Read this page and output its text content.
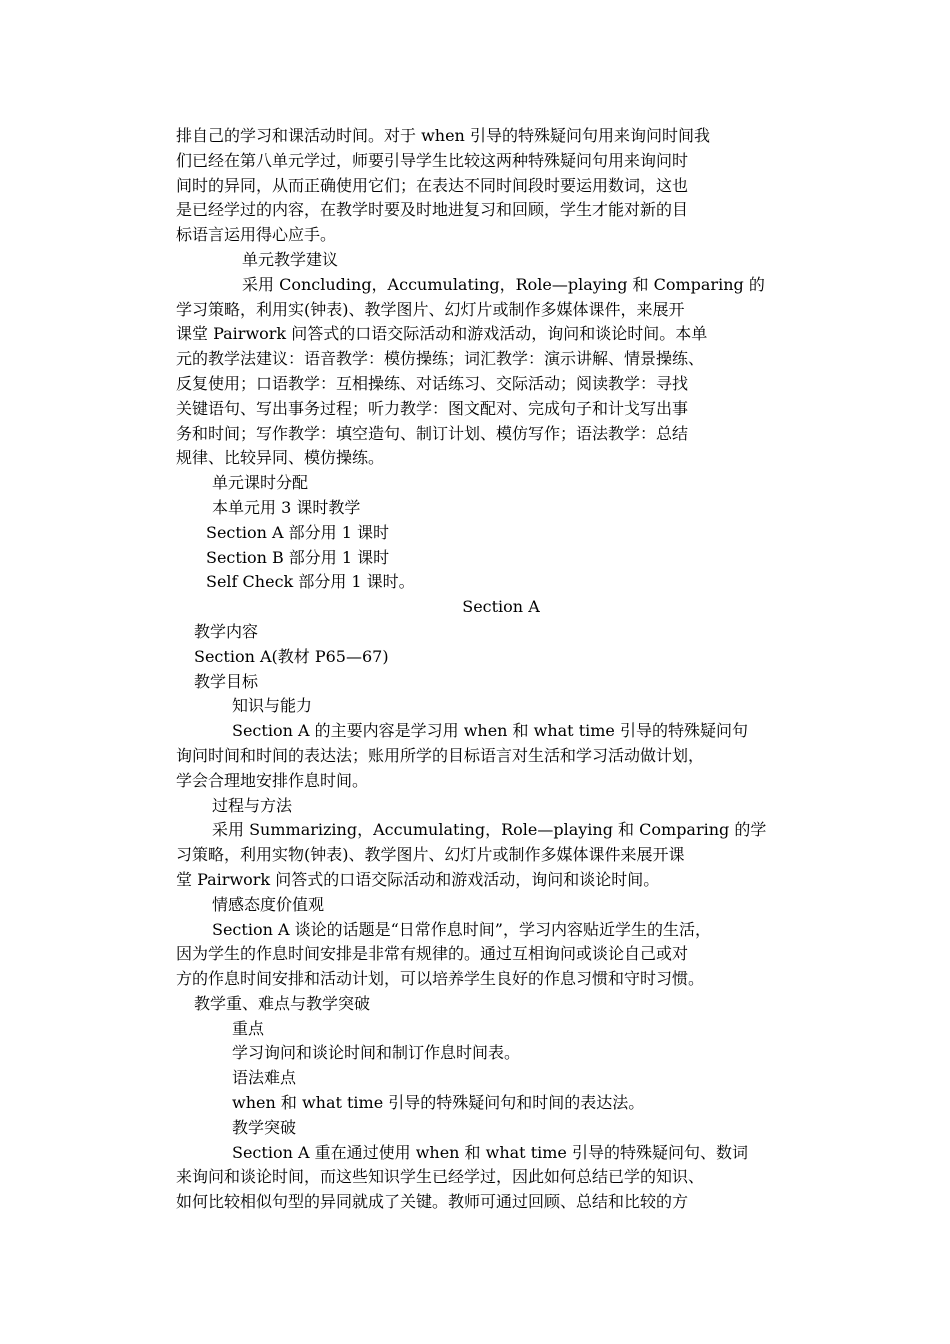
排自己的学习和课活动时间。对于 when 引导的特殊疑问句用来询问时间我
们已经在第八单元学过，师要引导学生比较这两种特殊疑问句用来询问时
间时的异同，从而正确使用它们；在表达不同时间段时要运用数词，这也
是已经学过的内容，在教学时要及时地进复习和回顾，学生才能对新的目
标语言运用得心应手。
单元教学建议
采用 Concluding，Accumulating，Role—playing 和 Comparing 的
学习策略，利用实(钟表)、教学图片、幻灯片或制作多媒体课件，来展开
课堂 Pairwork 问答式的口语交际活动和游戏活动，询问和谈论时间。本单
元的教学法建议：语音教学：模仿操练；词汇教学：演示讲解、情景操练、
反复使用；口语教学：互相操练、对话练习、交际活动；阅读教学：寻找
关键语句、写出事务过程；听力教学：图文配对、完成句子和计戈写出事
务和时间；写作教学：填空造句、制订计划、模仿写作；语法教学：总结
规律、比较异同、模仿操练。
单元课时分配
本单元用 3 课时教学
Section A 部分用 1 课时
Section B 部分用 1 课时
Self Check 部分用 1 课时。
Section A
教学内容
Section A(教材 P65—67)
教学目标
知识与能力
Section A 的主要内容是学习用 when 和 what time 引导的特殊疑问句
询问时间和时间的表达法；账用所学的目标语言对生活和学习活动做计划，
学会合理地安排作息时间。
过程与方法
采用 Summarizing，Accumulating，Role—playing 和 Comparing 的学
习策略，利用实物(钟表)、教学图片、幻灯片或制作多媒体课件来展开课
堂 Pairwork 问答式的口语交际活动和游戏活动，询问和谈论时间。
情感态度价值观
Section A 谈论的话题是“日常作息时间”，学习内容贴近学生的生活，
因为学生的作息时间安排是非常有规律的。通过互相询问或谈论自己或对
方的作息时间安排和活动计划，可以培养学生良好的作息习惯和守时习惯。
教学重、难点与教学突破
重点
学习询问和谈论时间和制订作息时间表。
语法难点
when 和 what time 引导的特殊疑问句和时间的表达法。
教学突破
Section A 重在通过使用 when 和 what time 引导的特殊疑问句、数词
来询问和谈论时间，而这些知识学生已经学过，因此如何总结已学的知识、
如何比较相似句型的异同就成了关键。教师可通过回顾、总结和比较的方
